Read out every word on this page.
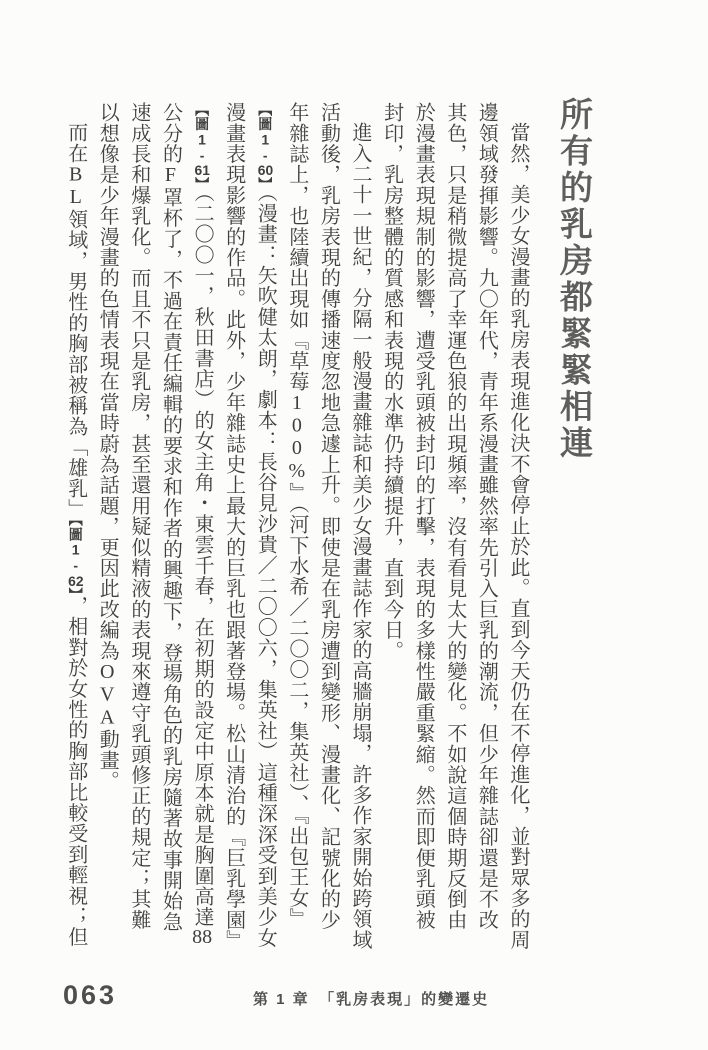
所有的乳房都緊緊相連

當然，美少女漫畫的乳房表現進化決不會停止於此。直到今天仍在不停進化，並對眾多的周邊領域發揮影響。九〇年代，青年系漫畫雖然率先引入巨乳的潮流，但少年雜誌卻還是不改其色，只是稍微提高了幸運色狼的出現頻率，沒有看見太大的變化。不如說這個時期反倒由於漫畫表現規制的影響，遭受乳頭被封印的打擊，表現的多樣性嚴重緊縮。然而即便乳頭被封印，乳房整體的質感和表現的水準仍持續提升，直到今日。

進入二十一世紀，分隔一般漫畫雜誌和美少女漫畫誌作家的高牆崩塌，許多作家開始跨領域活動後，乳房表現的傳播速度忽地急遽上升。即使是在乳房遭到變形、漫畫化、記號化的少年雜誌上，也陸續出現如『草莓100%』（河下水希／二〇〇二，集英社）、『出包王女』【圖1-60】（漫畫：矢吹健太朗，劇本：長谷見沙貴／二〇〇六，集英社）這種深深受到美少女漫畫表現影響的作品。此外，少年雜誌史上最大的巨乳也跟著登場。松山清治的『巨乳學園』【圖1-61】（二〇〇一，秋田書店）的女主角・東雲千春，在初期的設定中原本就是胸圍高達88公分的F罩杯了，不過在責任編輯的要求和作者的興趣下，登場角色的乳房隨著故事開始急速成長和爆乳化。而且不只是乳房，甚至還用疑似精液的表現來遵守乳頭修正的規定；其難以想像是少年漫畫的色情表現在當時蔚為話題，更因此改編為OVA動畫。

而在BL領域，男性的胸部被稱為「雄乳」【圖1-62】，相對於女性的胸部比較受到輕視；但

063	第 1 章　「乳房表現」的變遷史
